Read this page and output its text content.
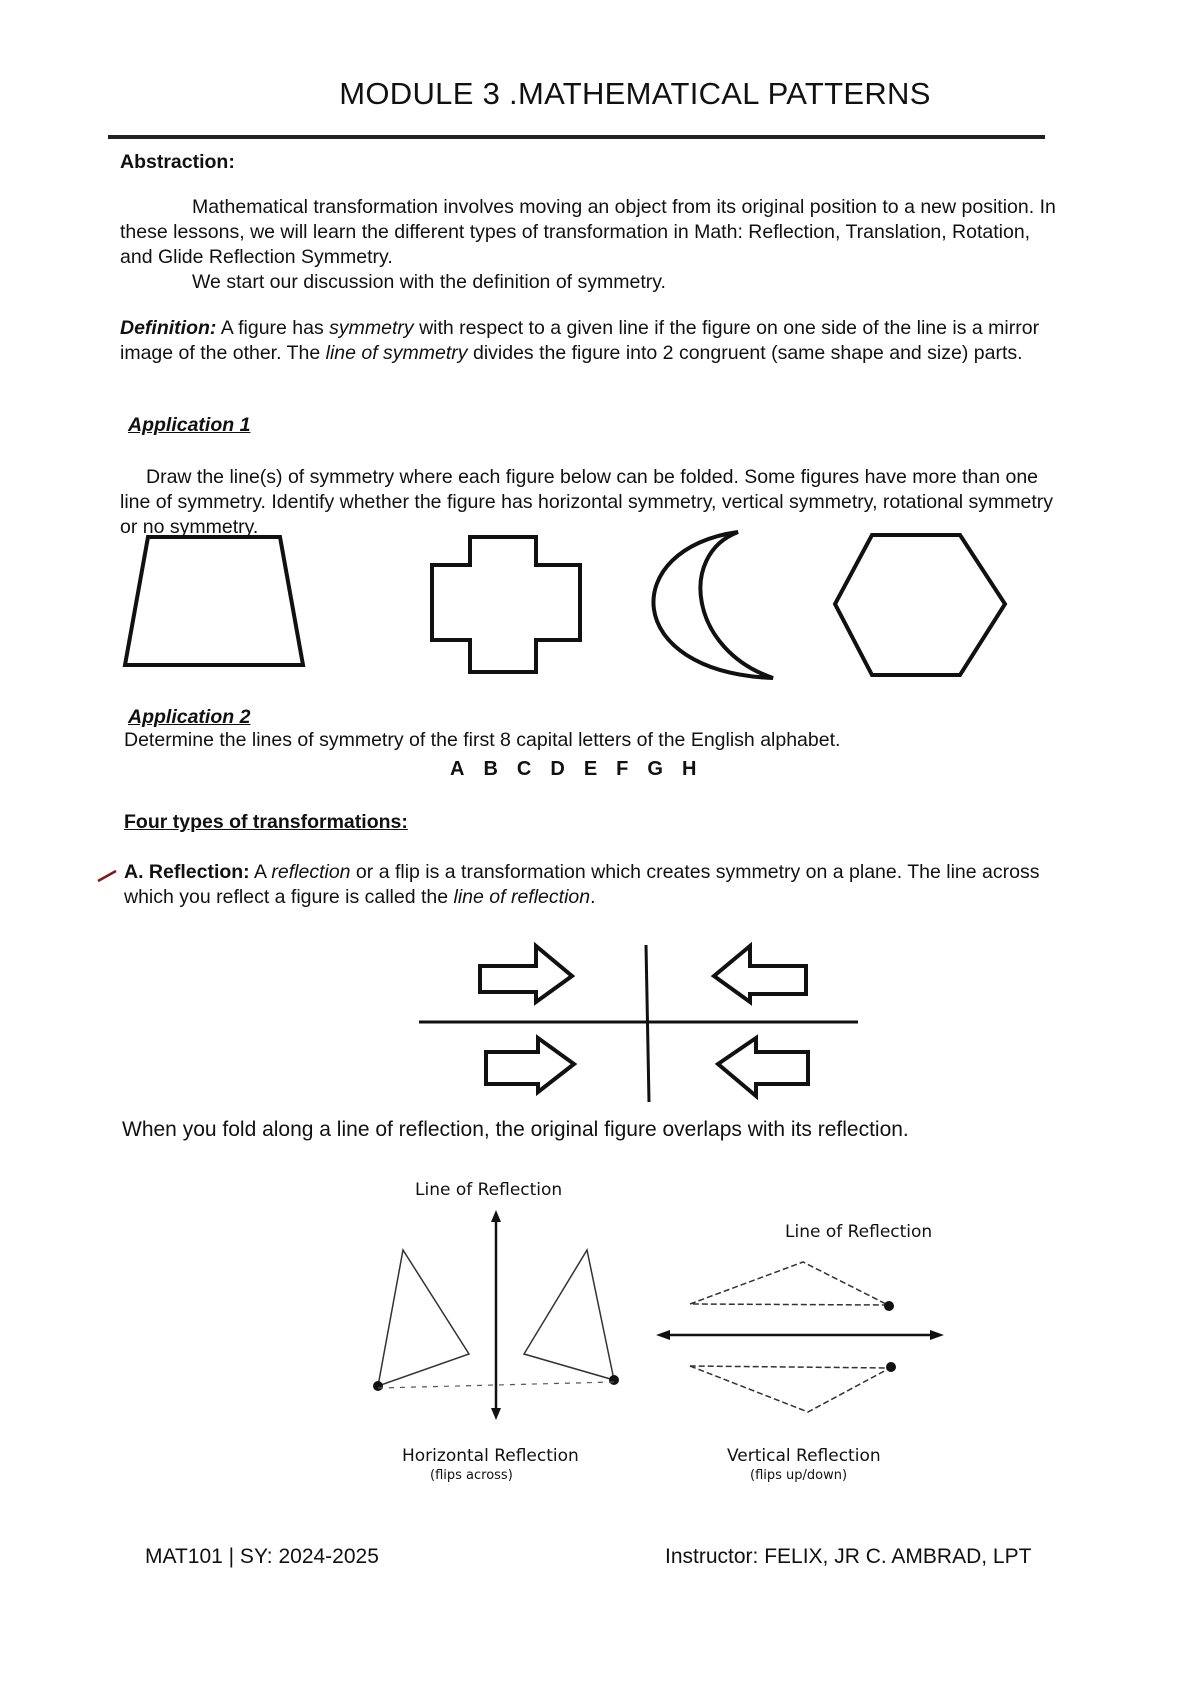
MODULE 3 .MATHEMATICAL PATTERNS
Abstraction:
Mathematical transformation involves moving an object from its original position to a new position. In these lessons, we will learn the different types of transformation in Math: Reflection, Translation, Rotation, and Glide Reflection Symmetry.
We start our discussion with the definition of symmetry.
Definition: A figure has symmetry with respect to a given line if the figure on one side of the line is a mirror image of the other. The line of symmetry divides the figure into 2 congruent (same shape and size) parts.
Application 1
Draw the line(s) of symmetry where each figure below can be folded. Some figures have more than one line of symmetry. Identify whether the figure has horizontal symmetry, vertical symmetry, rotational symmetry or no symmetry.
Application 2
Determine the lines of symmetry of the first 8 capital letters of the English alphabet.
A B C D E F G H
Four types of transformations:
A. Reflection: A reflection or a flip is a transformation which creates symmetry on a plane. The line across which you reflect a figure is called the line of reflection.
When you fold along a line of reflection, the original figure overlaps with its reflection.
Line of Reflection
Line of Reflection
Horizontal Reflection
(flips across)
Vertical Reflection
(flips up/down)
MAT101 | SY: 2024-2025	Instructor: FELIX, JR C. AMBRAD, LPT
